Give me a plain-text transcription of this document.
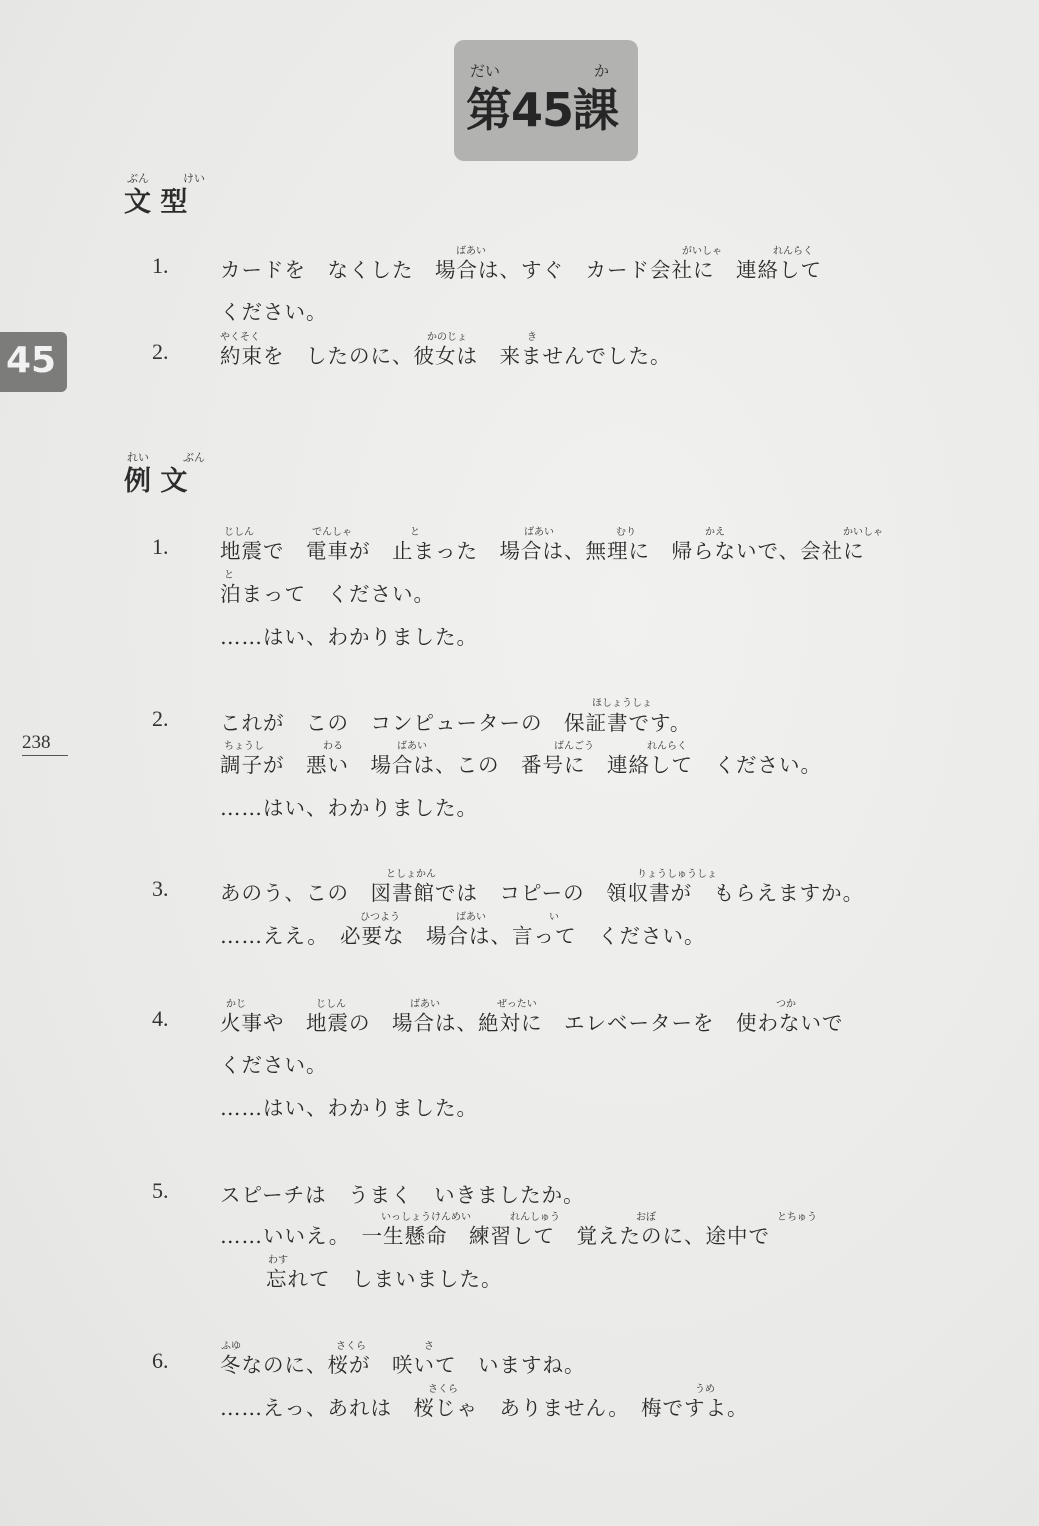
だい	か
第45課
45
238
ぶん	けい
文 型
1.
ばあい	がいしゃ	れんらく
カードを　なくした　場合は、すぐ　カード会社に　連絡して
ください。
2.
やくそく	かのじょ	き
約束を　したのに、彼女は　来ませんでした。
れい	ぶん
例 文
1.
じしん	でんしゃ	と	ばあい	むり	かえ	かいしゃ
地震で　電車が　止まった　場合は、無理に　帰らないで、会社に
と
泊まって　ください。
……はい、わかりました。
2.
ほしょうしょ
これが　この　コンピューターの　保証書です。
ちょうし	わる	ばあい	ばんごう	れんらく
調子が　悪い　場合は、この　番号に　連絡して　ください。
……はい、わかりました。
3.
としょかん	りょうしゅうしょ
あのう、この　図書館では　コピーの　領収書が　もらえますか。
ひつよう	ばあい	い
……ええ。　必要な　場合は、言って　ください。
4.
かじ	じしん	ばあい	ぜったい	つか
火事や　地震の　場合は、絶対に　エレベーターを　使わないで
ください。
……はい、わかりました。
5.	スピーチは　うまく　いきましたか。
いっしょうけんめい	れんしゅう	おぼ	とちゅう
……いいえ。　一生懸命　練習して　覚えたのに、途中で
わす
忘れて　しまいました。
6.
ふゆ	さくら	さ
冬なのに、桜が　咲いて　いますね。
さくら	うめ
……えっ、あれは　桜じゃ　ありません。　梅ですよ。
